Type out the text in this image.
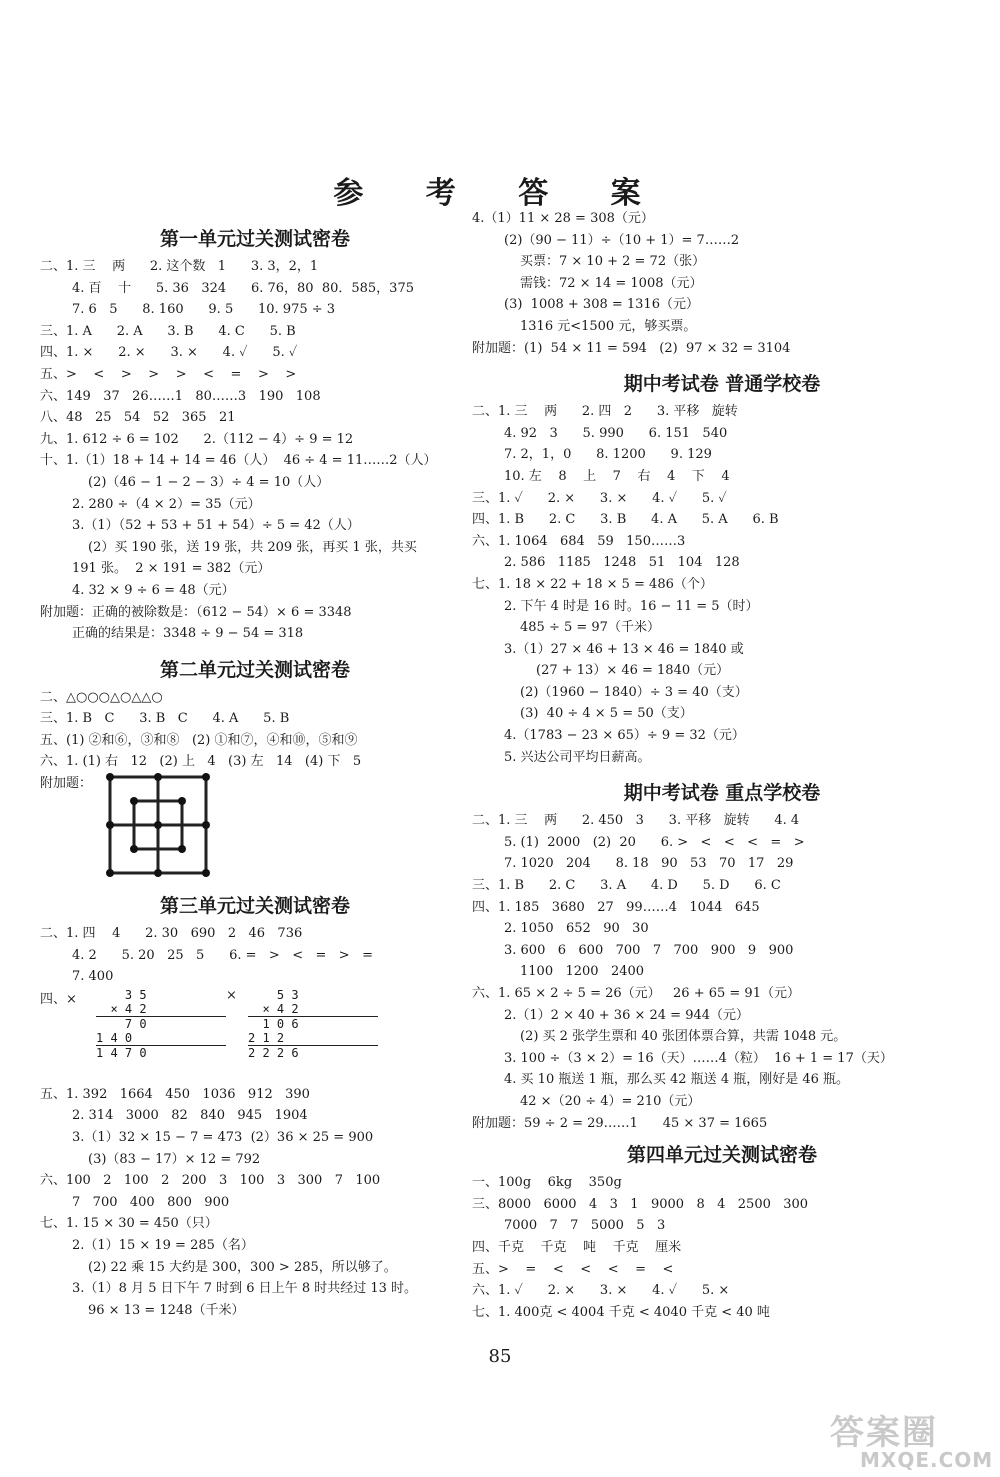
参 考 答 案
第一单元过关测试密卷
二、1. 三    两      2. 这个数   1      3. 3，2，1
4. 百    十      5. 36   324      6. 76，80  80．585，375
7. 6   5      8. 160      9. 5      10. 975 ÷ 3
三、1. A      2. A      3. B      4. C      5. B
四、1. ×      2. ×      3. ×      4. ✓      5. ✓
五、>    <    >    >    >    <    =    >    >
六、149   37   26……1   80……3   190   108
八、48   25   54   52   365   21
九、1. 612 ÷ 6 = 102      2.（112 − 4）÷ 9 = 12
十、1.（1）18 + 14 + 14 = 46（人）  46 ÷ 4 = 11……2（人）
(2)（46 − 1 − 2 − 3）÷ 4 = 10（人）
2. 280 ÷（4 × 2）= 35（元）
3.（1）（52 + 53 + 51 + 54）÷ 5 = 42（人）
(2）买 190 张，送 19 张，共 209 张，再买 1 张，共买
191 张。  2 × 191 = 382（元）
4. 32 × 9 ÷ 6 = 48（元）
附加题：正确的被除数是：（612 − 54）× 6 = 3348
正确的结果是：3348 ÷ 9 − 54 = 318
第二单元过关测试密卷
二、△○○○△○△△○
三、1. B   C      3. B   C      4. A      5. B
五、(1) ②和⑥，③和⑧   (2) ①和⑦，④和⑩，⑤和⑨
六、1. (1) 右   12   (2) 上   4   (3) 左   14   (4) 下   5
附加题：
第三单元过关测试密卷
二、1. 四    4      2. 30   690   2   46   736
4. 2      5. 20   25   5      6. =   >   <   =   >   =
7. 400
四、×	3 5
× 4 2
7 0
1 4 0
1 4 7 0
× 5 3
× 4 2
1 0 6
2 1 2
2 2 2 6
五、1. 392   1664   450   1036   912   390
2. 314   3000   82   840   945   1904
3.（1）32 × 15 − 7 = 473  (2）36 × 25 = 900
(3)（83 − 17）× 12 = 792
六、100   2   100   2   200   3   100   3   300   7   100
7   700   400   800   900
七、1. 15 × 30 = 450（只）
2.（1）15 × 19 = 285（名）
(2) 22 乘 15 大约是 300，300 > 285，所以够了。
3.（1）8 月 5 日下午 7 时到 6 日上午 8 时共经过 13 时。
96 × 13 = 1248（千米）
4.（1）11 × 28 = 308（元）
(2)（90 − 11）÷（10 + 1）= 7……2
买票：7 × 10 + 2 = 72（张）
需钱：72 × 14 = 1008（元）
(3)  1008 + 308 = 1316（元）
1316 元<1500 元，够买票。
附加题：(1)  54 × 11 = 594   (2)  97 × 32 = 3104
期中考试卷 普通学校卷
二、1. 三    两      2. 四   2      3. 平移   旋转
4. 92   3      5. 990      6. 151   540
7. 2，1，0      8. 1200      9. 129
10. 左    8    上    7    右    4    下    4
三、1. ✓      2. ×      3. ×      4. ✓      5. ✓
四、1. B      2. C      3. B      4. A      5. A      6. B
六、1. 1064   684   59   150……3
2. 586   1185   1248   51   104   128
七、1. 18 × 22 + 18 × 5 = 486（个）
2. 下午 4 时是 16 时。16 − 11 = 5（时）
485 ÷ 5 = 97（千米）
3.（1）27 × 46 + 13 × 46 = 1840 或
(27 + 13）× 46 = 1840（元）
(2)（1960 − 1840）÷ 3 = 40（支）
(3)  40 ÷ 4 × 5 = 50（支）
4.（1783 − 23 × 65）÷ 9 = 32（元）
5. 兴达公司平均日薪高。
期中考试卷 重点学校卷
二、1. 三    两      2. 450   3      3. 平移   旋转      4. 4
5. (1)  2000   (2)  20      6. >   <   <   <   =   >
7. 1020   204      8. 18   90   53   70   17   29
三、1. B      2. C      3. A      4. D      5. D      6. C
四、1. 185   3680   27   99……4   1044   645
2. 1050   652   90   30
3. 600   6   600   700   7   700   900   9   900
1100   1200   2400
六、1. 65 × 2 ÷ 5 = 26（元）   26 + 65 = 91（元）
2.（1）2 × 40 + 36 × 24 = 944（元）
(2) 买 2 张学生票和 40 张团体票合算，共需 1048 元。
3. 100 ÷（3 × 2）= 16（天）……4（粒）  16 + 1 = 17（天）
4. 买 10 瓶送 1 瓶，那么买 42 瓶送 4 瓶，刚好是 46 瓶。
42 ×（20 ÷ 4）= 210（元）
附加题：59 ÷ 2 = 29……1      45 × 37 = 1665
第四单元过关测试密卷
一、100g    6kg    350g
三、8000   6000   4   3   1   9000   8   4   2500   300
7000   7   7   5000   5   3
四、千克    千克    吨    千克    厘米
五、>    =    <    <    <    =    <
六、1. ✓      2. ×      3. ×      4. ✓      5. ×
七、1. 400克 < 4004 千克 < 4040 千克 < 40 吨
85
答案圈
MXQE.COM
